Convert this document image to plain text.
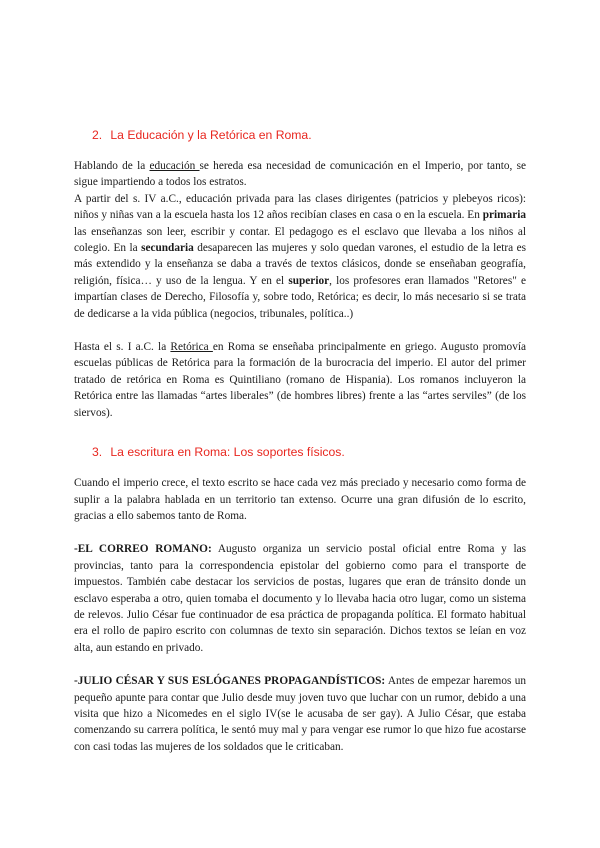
2. La Educación y la Retórica en Roma.

Hablando de la educación se hereda esa necesidad de comunicación en el Imperio, por tanto, se sigue impartiendo a todos los estratos.

A partir del s. IV a.C., educación privada para las clases dirigentes (patricios y plebeyos ricos): niños y niñas van a la escuela hasta los 12 años recibían clases en casa o en la escuela. En primaria las enseñanzas son leer, escribir y contar. El pedagogo es el esclavo que llevaba a los niños al colegio. En la secundaria desaparecen las mujeres y solo quedan varones, el estudio de la letra es más extendido y la enseñanza se daba a través de textos clásicos, donde se enseñaban geografía, religión, física… y uso de la lengua. Y en el superior, los profesores eran llamados "Retores" e impartían clases de Derecho, Filosofía y, sobre todo, Retórica; es decir, lo más necesario si se trata de dedicarse a la vida pública (negocios, tribunales, política..)

Hasta el s. I a.C. la Retórica en Roma se enseñaba principalmente en griego. Augusto promovía escuelas públicas de Retórica para la formación de la burocracia del imperio. El autor del primer tratado de retórica en Roma es Quintiliano (romano de Hispania). Los romanos incluyeron la Retórica entre las llamadas “artes liberales” (de hombres libres) frente a las “artes serviles” (de los siervos).

3. La escritura en Roma: Los soportes físicos.

Cuando el imperio crece, el texto escrito se hace cada vez más preciado y necesario como forma de suplir a la palabra hablada en un territorio tan extenso. Ocurre una gran difusión de lo escrito, gracias a ello sabemos tanto de Roma.

-EL CORREO ROMANO: Augusto organiza un servicio postal oficial entre Roma y las provincias, tanto para la correspondencia epistolar del gobierno como para el transporte de impuestos. También cabe destacar los servicios de postas, lugares que eran de tránsito donde un esclavo esperaba a otro, quien tomaba el documento y lo llevaba hacia otro lugar, como un sistema de relevos. Julio César fue continuador de esa práctica de propaganda política. El formato habitual era el rollo de papiro escrito con columnas de texto sin separación. Dichos textos se leían en voz alta, aun estando en privado.

-JULIO CÉSAR Y SUS ESLÓGANES PROPAGANDÍSTICOS: Antes de empezar haremos un pequeño apunte para contar que Julio desde muy joven tuvo que luchar con un rumor, debido a una visita que hizo a Nicomedes en el siglo IV(se le acusaba de ser gay). A Julio César, que estaba comenzando su carrera política, le sentó muy mal y para vengar ese rumor lo que hizo fue acostarse con casi todas las mujeres de los soldados que le criticaban.
